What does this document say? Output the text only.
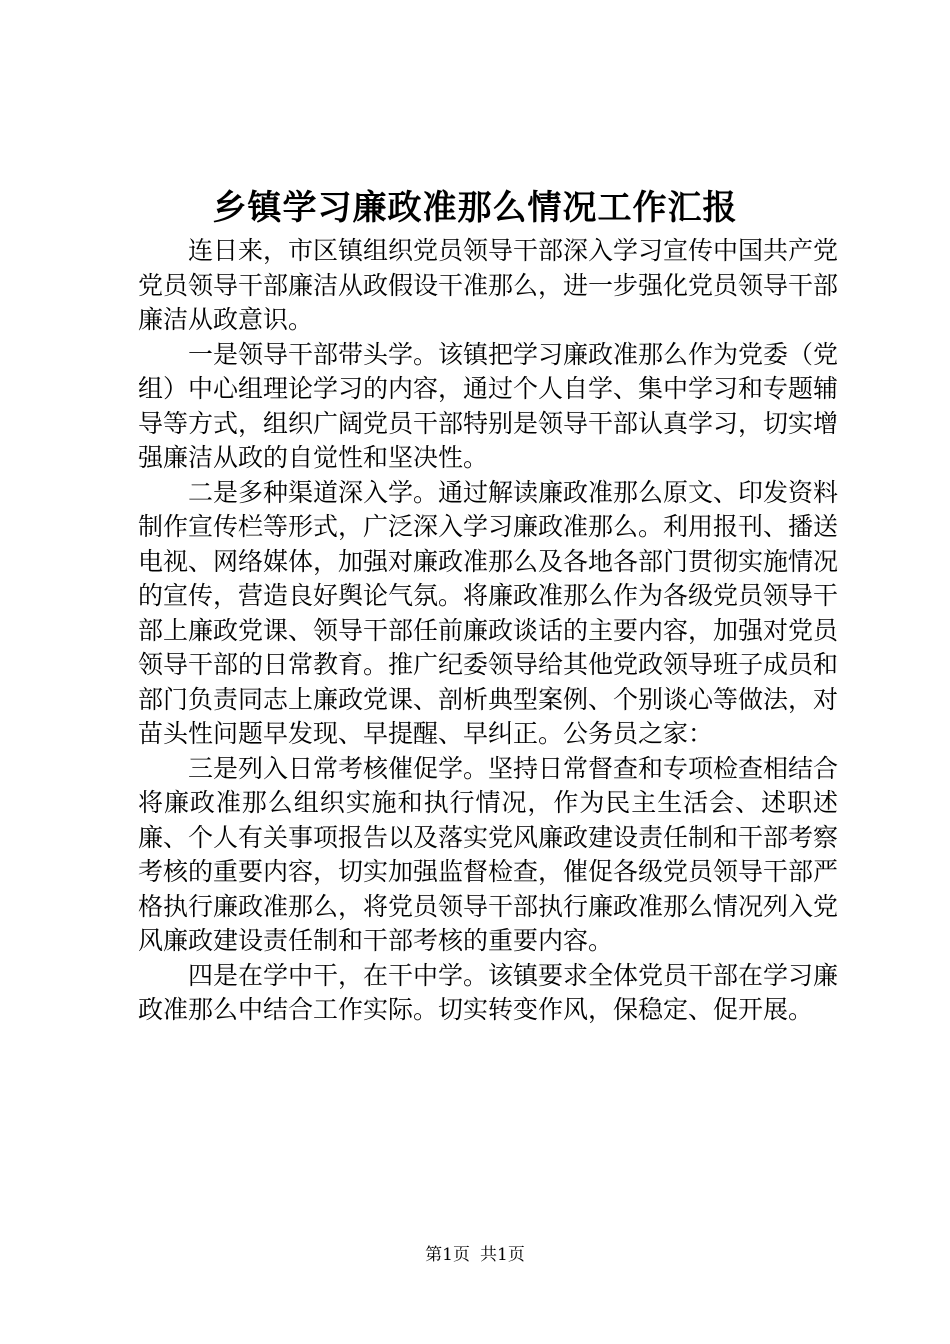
乡镇学习廉政准那么情况工作汇报

连日来，市区镇组织党员领导干部深入学习宣传中国共产党党员领导干部廉洁从政假设干准那么，进一步强化党员领导干部廉洁从政意识。

一是领导干部带头学。该镇把学习廉政准那么作为党委（党组）中心组理论学习的内容，通过个人自学、集中学习和专题辅导等方式，组织广阔党员干部特别是领导干部认真学习，切实增强廉洁从政的自觉性和坚决性。

二是多种渠道深入学。通过解读廉政准那么原文、印发资料制作宣传栏等形式，广泛深入学习廉政准那么。利用报刊、播送电视、网络媒体，加强对廉政准那么及各地各部门贯彻实施情况的宣传，营造良好舆论气氛。将廉政准那么作为各级党员领导干部上廉政党课、领导干部任前廉政谈话的主要内容，加强对党员领导干部的日常教育。推广纪委领导给其他党政领导班子成员和部门负责同志上廉政党课、剖析典型案例、个别谈心等做法，对苗头性问题早发现、早提醒、早纠正。公务员之家：

三是列入日常考核催促学。坚持日常督查和专项检查相结合将廉政准那么组织实施和执行情况，作为民主生活会、述职述廉、个人有关事项报告以及落实党风廉政建设责任制和干部考察考核的重要内容，切实加强监督检查，催促各级党员领导干部严格执行廉政准那么，将党员领导干部执行廉政准那么情况列入党风廉政建设责任制和干部考核的重要内容。

四是在学中干，在干中学。该镇要求全体党员干部在学习廉政准那么中结合工作实际。切实转变作风，保稳定、促开展。

第1页 共1页
